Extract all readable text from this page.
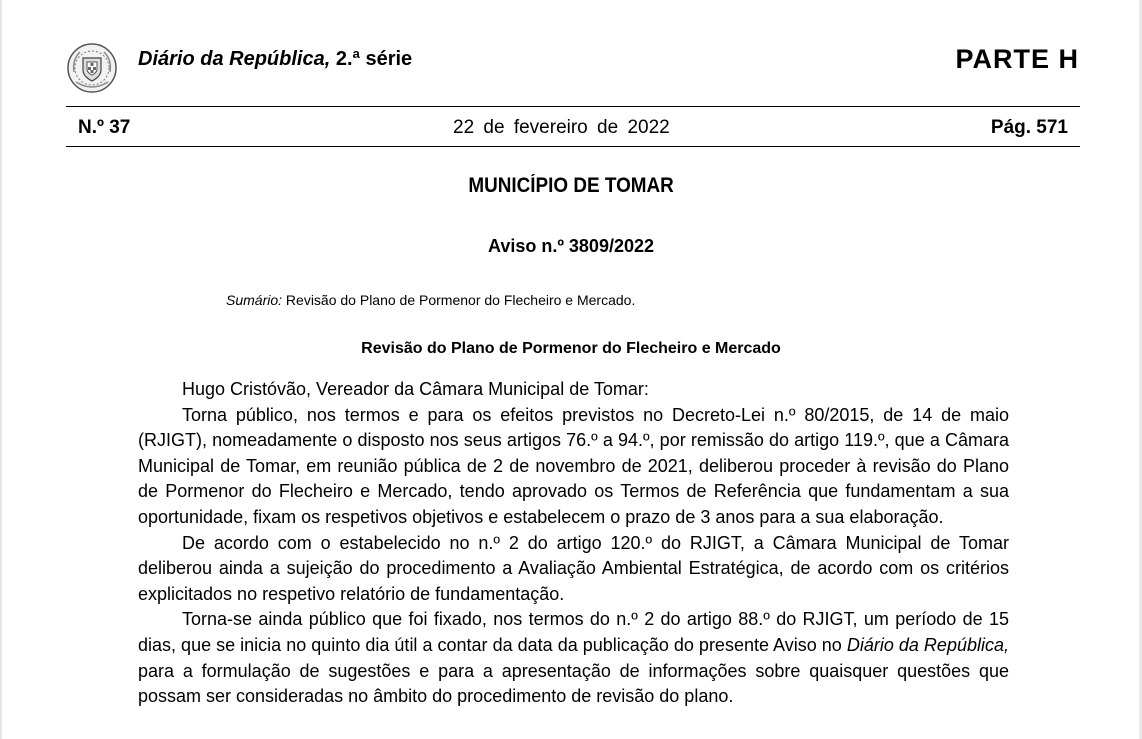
Diário da República, 2.ª série	PARTE H
N.º 37	22 de fevereiro de 2022	Pág. 571
MUNICÍPIO DE TOMAR
Aviso n.º 3809/2022
Sumário: Revisão do Plano de Pormenor do Flecheiro e Mercado.
Revisão do Plano de Pormenor do Flecheiro e Mercado

Hugo Cristóvão, Vereador da Câmara Municipal de Tomar:

Torna público, nos termos e para os efeitos previstos no Decreto-Lei n.º 80/2015, de 14 de maio (RJIGT), nomeadamente o disposto nos seus artigos 76.º a 94.º, por remissão do artigo 119.º, que a Câmara Municipal de Tomar, em reunião pública de 2 de novembro de 2021, deliberou proceder à revisão do Plano de Pormenor do Flecheiro e Mercado, tendo aprovado os Termos de Referência que fundamentam a sua oportunidade, fixam os respetivos objetivos e estabelecem o prazo de 3 anos para a sua elaboração.

De acordo com o estabelecido no n.º 2 do artigo 120.º do RJIGT, a Câmara Municipal de Tomar deliberou ainda a sujeição do procedimento a Avaliação Ambiental Estratégica, de acordo com os critérios explicitados no respetivo relatório de fundamentação.

Torna-se ainda público que foi fixado, nos termos do n.º 2 do artigo 88.º do RJIGT, um período de 15 dias, que se inicia no quinto dia útil a contar da data da publicação do presente Aviso no Diário da República, para a formulação de sugestões e para a apresentação de informações sobre quaisquer questões que possam ser consideradas no âmbito do procedimento de revisão do plano.
